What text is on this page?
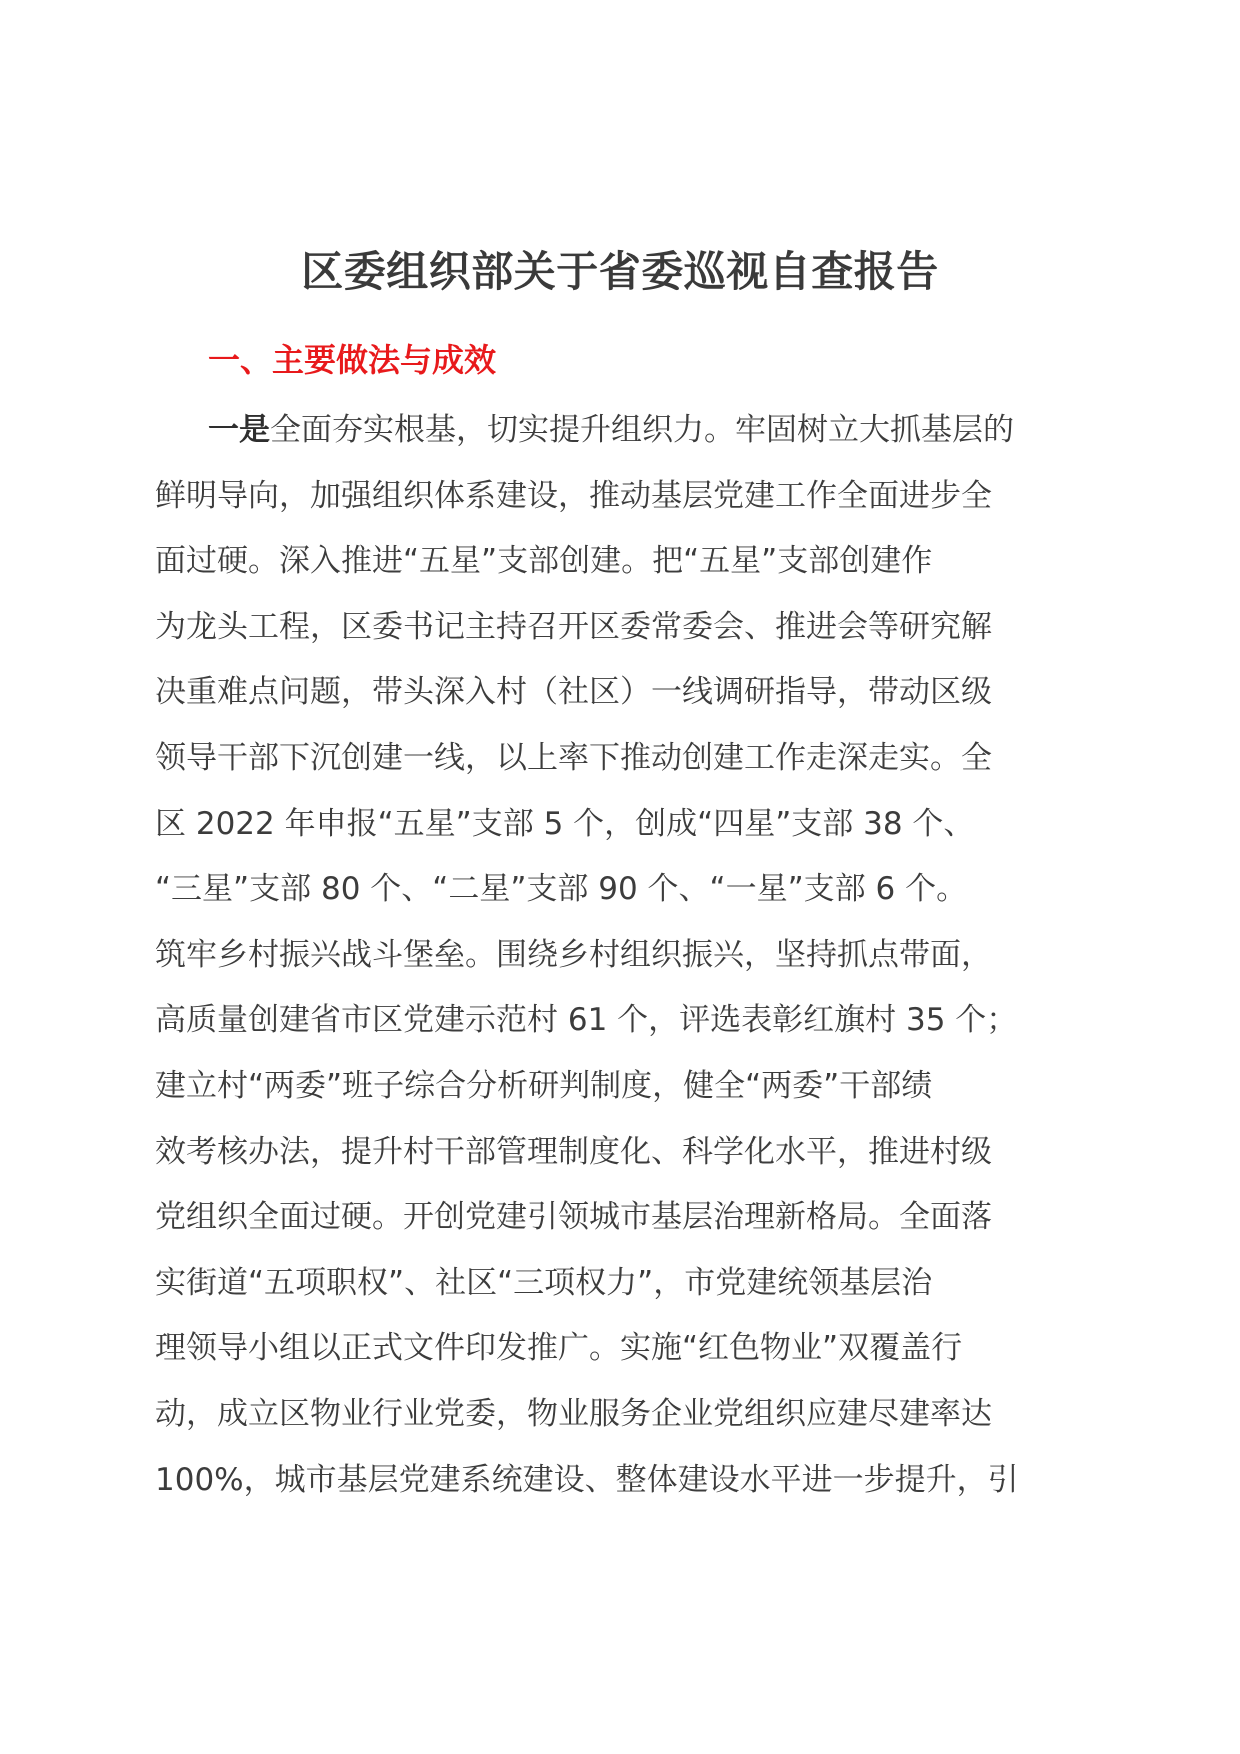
区委组织部关于省委巡视自查报告
一、主要做法与成效
一是全面夯实根基，切实提升组织力。牢固树立大抓基层的
鲜明导向，加强组织体系建设，推动基层党建工作全面进步全
面过硬。深入推进“五星”支部创建。把“五星”支部创建作
为龙头工程，区委书记主持召开区委常委会、推进会等研究解
决重难点问题，带头深入村（社区）一线调研指导，带动区级
领导干部下沉创建一线，以上率下推动创建工作走深走实。全
区 2022 年申报“五星”支部 5 个，创成“四星”支部 38 个、
“三星”支部 80 个、“二星”支部 90 个、“一星”支部 6 个。
筑牢乡村振兴战斗堡垒。围绕乡村组织振兴，坚持抓点带面，
高质量创建省市区党建示范村 61 个，评选表彰红旗村 35 个；
建立村“两委”班子综合分析研判制度，健全“两委”干部绩
效考核办法，提升村干部管理制度化、科学化水平，推进村级
党组织全面过硬。开创党建引领城市基层治理新格局。全面落
实街道“五项职权”、社区“三项权力”，市党建统领基层治
理领导小组以正式文件印发推广。实施“红色物业”双覆盖行
动，成立区物业行业党委，物业服务企业党组织应建尽建率达
100%，城市基层党建系统建设、整体建设水平进一步提升，引
